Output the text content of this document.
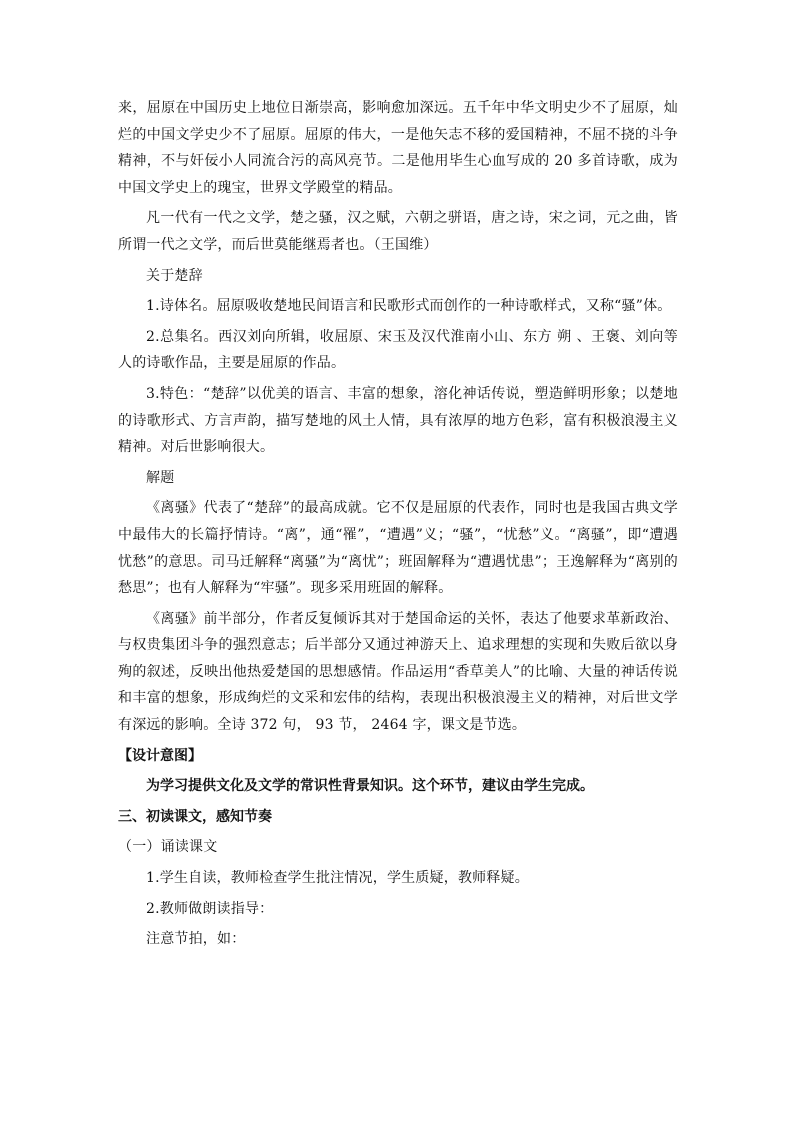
来，屈原在中国历史上地位日渐崇高，影响愈加深远。五千年中华文明史少不了屈原，灿烂的中国文学史少不了屈原。屈原的伟大，一是他矢志不移的爱国精神，不屈不挠的斗争精神，不与奸佞小人同流合污的高风亮节。二是他用毕生心血写成的 20 多首诗歌，成为中国文学史上的瑰宝，世界文学殿堂的精品。

凡一代有一代之文学，楚之骚，汉之赋，六朝之骈语，唐之诗，宋之词，元之曲，皆所谓一代之文学，而后世莫能继焉者也。（王国维）

关于楚辞

1.诗体名。屈原吸收楚地民间语言和民歌形式而创作的一种诗歌样式，又称“骚”体。

2.总集名。西汉刘向所辑，收屈原、宋玉及汉代淮南小山、东方 朔 、王褒、刘向等人的诗歌作品，主要是屈原的作品。

3.特色：“楚辞”以优美的语言、丰富的想象，溶化神话传说，塑造鲜明形象；以楚地的诗歌形式、方言声韵，描写楚地的风土人情，具有浓厚的地方色彩，富有积极浪漫主义精神。对后世影响很大。

解题

《离骚》代表了“楚辞”的最高成就。它不仅是屈原的代表作，同时也是我国古典文学中最伟大的长篇抒情诗。“离”，通“罹”，“遭遇”义；“骚”，“忧愁”义。“离骚”，即“遭遇忧愁”的意思。司马迁解释“离骚”为“离忧”；班固解释为“遭遇忧患”；王逸解释为“离别的愁思”；也有人解释为“牢骚”。现多采用班固的解释。

《离骚》前半部分，作者反复倾诉其对于楚国命运的关怀，表达了他要求革新政治、与权贵集团斗争的强烈意志；后半部分又通过神游天上、追求理想的实现和失败后欲以身殉的叙述，反映出他热爱楚国的思想感情。作品运用“香草美人”的比喻、大量的神话传说和丰富的想象，形成绚烂的文采和宏伟的结构，表现出积极浪漫主义的精神，对后世文学有深远的影响。全诗 372 句， 93 节， 2464 字，课文是节选。

【设计意图】

为学习提供文化及文学的常识性背景知识。这个环节，建议由学生完成。

三、初读课文，感知节奏

（一）诵读课文

1.学生自读，教师检查学生批注情况，学生质疑，教师释疑。

2.教师做朗读指导：

注意节拍，如：
